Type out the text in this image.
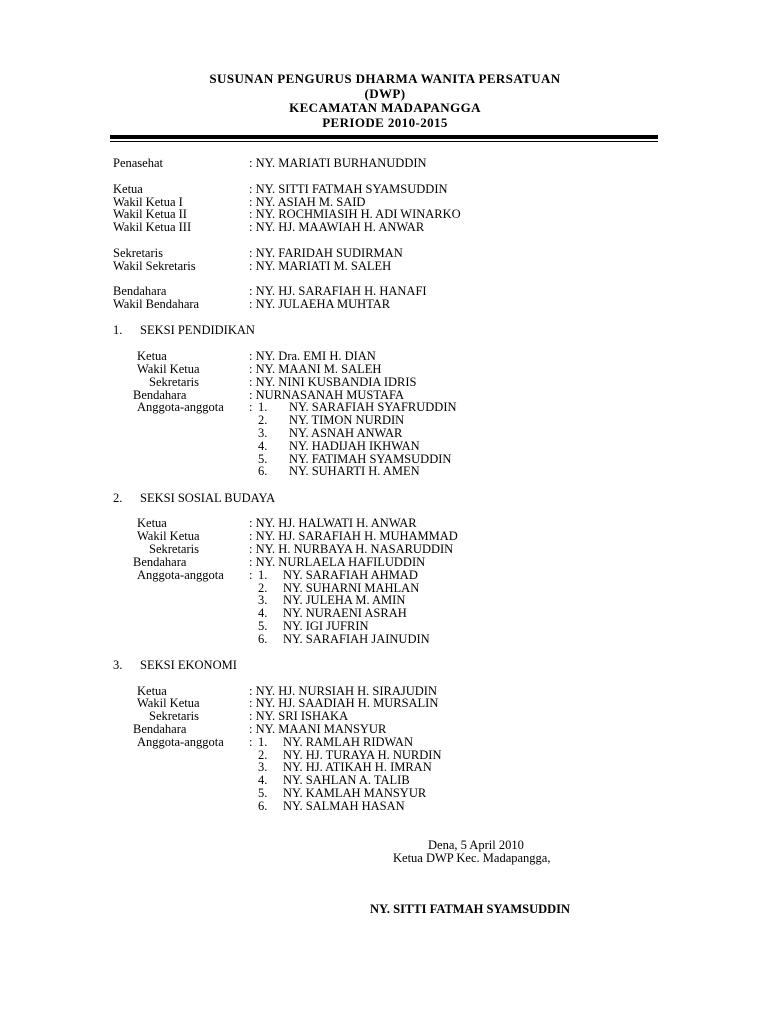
SUSUNAN PENGURUS DHARMA WANITA PERSATUAN
(DWP)
KECAMATAN MADAPANGGA
PERIODE 2010-2015
Penasehat	: NY. MARIATI BURHANUDDIN
Ketua	: NY. SITTI FATMAH SYAMSUDDIN
Wakil Ketua I	: NY. ASIAH M. SAID
Wakil Ketua II	: NY. ROCHMIASIH H. ADI WINARKO
Wakil Ketua III	: NY. HJ. MAAWIAH H. ANWAR
Sekretaris	: NY. FARIDAH SUDIRMAN
Wakil Sekretaris	: NY. MARIATI M. SALEH
Bendahara	: NY. HJ. SARAFIAH H. HANAFI
Wakil Bendahara	: NY. JULAEHA MUHTAR
1. SEKSI PENDIDIKAN
Ketua	: NY. Dra. EMI H. DIAN
Wakil Ketua	: NY. MAANI M. SALEH
Sekretaris	: NY. NINI KUSBANDIA IDRIS
Bendahara	: NURNASANAH MUSTAFA
Anggota-anggota : 1. NY. SARAFIAH SYAFRUDDIN
2. NY. TIMON NURDIN
3. NY. ASNAH ANWAR
4. NY. HADIJAH IKHWAN
5. NY. FATIMAH SYAMSUDDIN
6. NY. SUHARTI H. AMEN
2. SEKSI SOSIAL BUDAYA
Ketua	: NY. HJ. HALWATI H. ANWAR
Wakil Ketua	: NY. HJ. SARAFIAH H. MUHAMMAD
Sekretaris	: NY. H. NURBAYA H. NASARUDDIN
Bendahara	: NY. NURLAELA HAFILUDDIN
Anggota-anggota : 1. NY. SARAFIAH AHMAD
2. NY. SUHARNI MAHLAN
3. NY. JULEHA M. AMIN
4. NY. NURAENI ASRAH
5. NY. IGI JUFRIN
6. NY. SARAFIAH JAINUDIN
3. SEKSI EKONOMI
Ketua	: NY. HJ. NURSIAH H. SIRAJUDIN
Wakil Ketua	: NY. HJ. SAADIAH H. MURSALIN
Sekretaris	: NY. SRI ISHAKA
Bendahara	: NY. MAANI MANSYUR
Anggota-anggota : 1. NY. RAMLAH RIDWAN
2. NY. HJ. TURAYA H. NURDIN
3. NY. HJ. ATIKAH H. IMRAN
4. NY. SAHLAN A. TALIB
5. NY. KAMLAH MANSYUR
6. NY. SALMAH HASAN
Dena, 5 April 2010
Ketua DWP Kec. Madapangga,
NY. SITTI FATMAH SYAMSUDDIN
